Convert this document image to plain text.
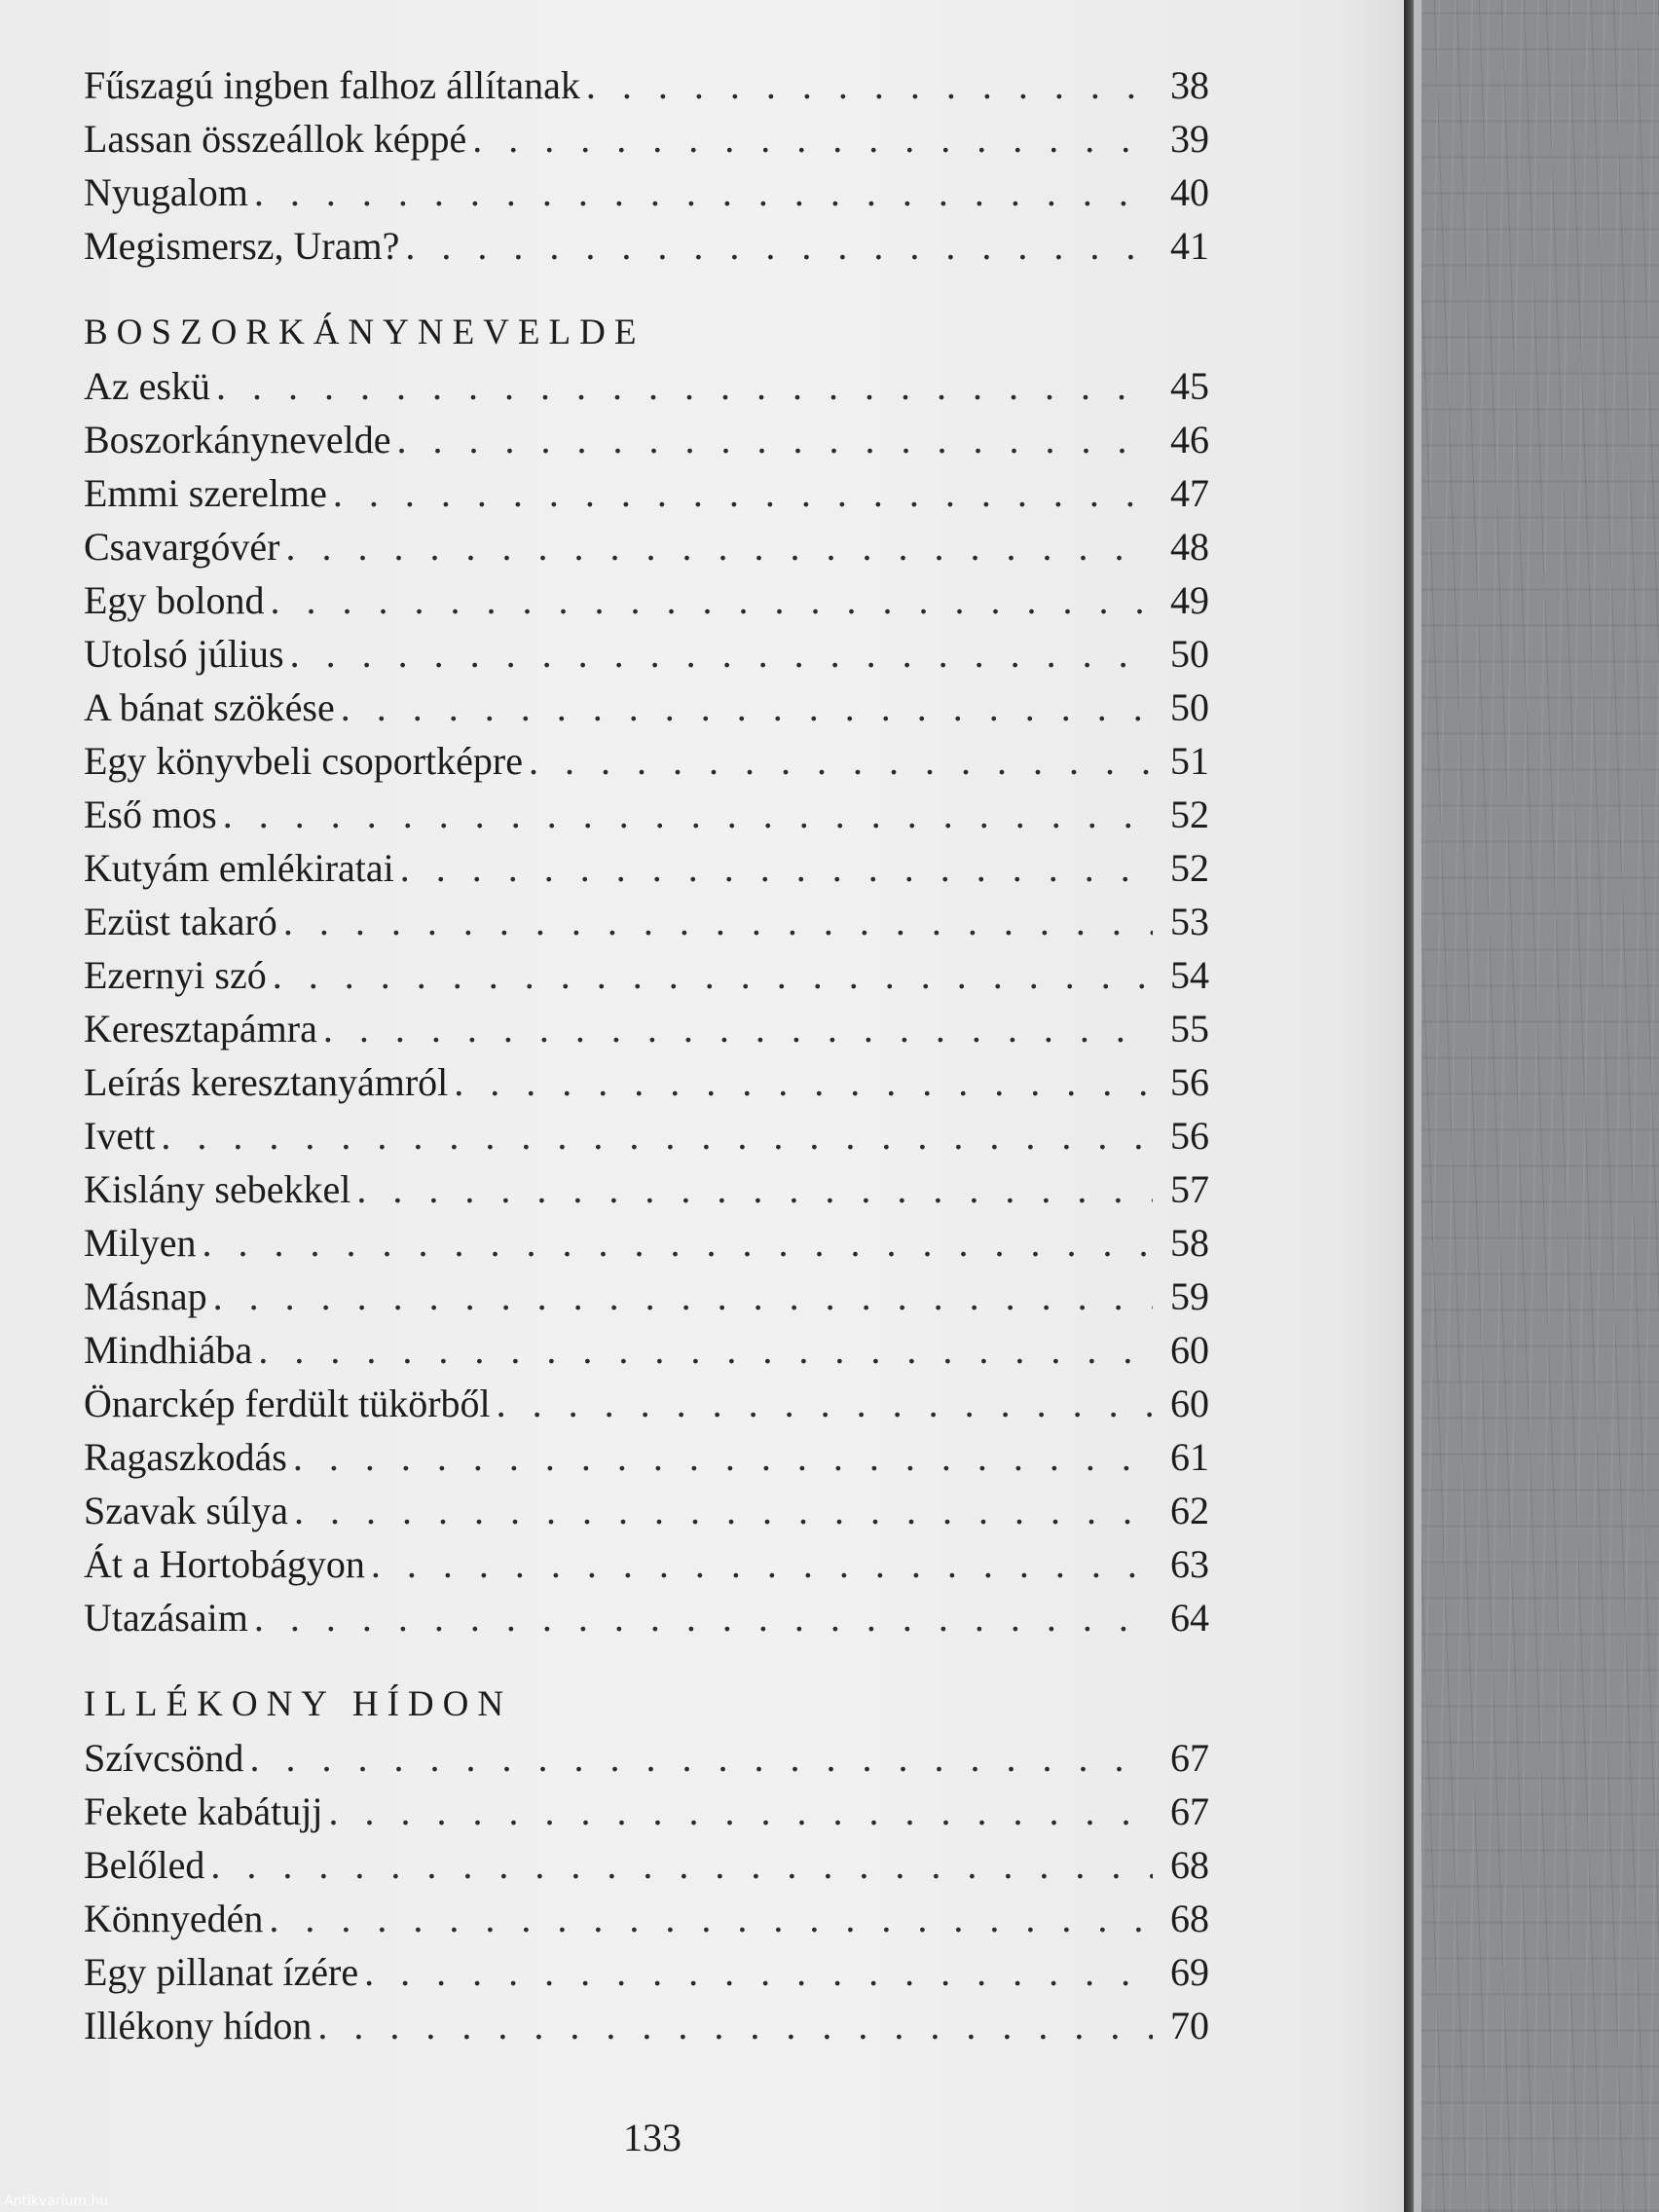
Fűszagú ingben falhoz állítanak . . .	38
Lassan összeállok képpé . . .	39
Nyugalom . . .	40
Megismersz, Uram? . . .	41
BOSZORKÁNYNEVELDE
Az eskü . . .	45
Boszorkánynevelde . . .	46
Emmi szerelme . . .	47
Csavargóvér . . .	48
Egy bolond . . .	49
Utolsó július . . .	50
A bánat szökése . . .	50
Egy könyvbeli csoportképre . . .	51
Eső mos . . .	52
Kutyám emlékiratai . . .	52
Ezüst takaró . . .	53
Ezernyi szó . . .	54
Keresztapámra . . .	55
Leírás keresztanyámról . . .	56
Ivett . . .	56
Kislány sebekkel . . .	57
Milyen . . .	58
Másnap . . .	59
Mindhiába . . .	60
Önarckép ferdült tükörből . . .	60
Ragaszkodás . . .	61
Szavak súlya . . .	62
Át a Hortobágyon . . .	63
Utazásaim . . .	64
ILLÉKONY HÍDON
Szívcsönd . . .	67
Fekete kabátujj . . .	67
Belőled . . .	68
Könnyedén . . .	68
Egy pillanat ízére . . .	69
Illékony hídon . . .	70
133
Antikvarium.hu
